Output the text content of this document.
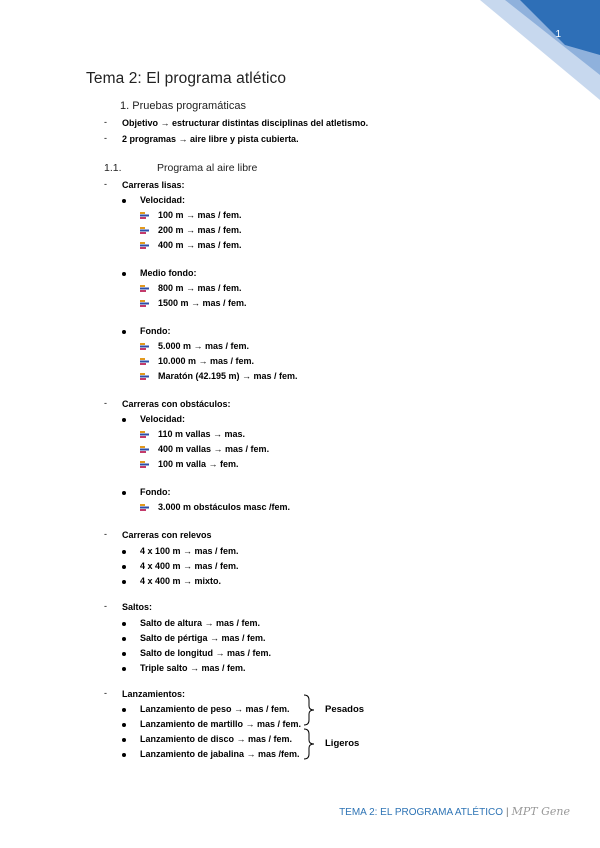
1
Tema 2: El programa atlético
1. Pruebas programáticas
- Objetivo → estructurar distintas disciplinas del atletismo.
- 2 programas → aire libre y pista cubierta.
1.1.	Programa al aire libre
- Carreras lisas:
Velocidad:
100 m → mas / fem.
200 m → mas / fem.
400 m → mas / fem.
Medio fondo:
800 m → mas / fem.
1500 m → mas / fem.
Fondo:
5.000 m → mas / fem.
10.000 m → mas / fem.
Maratón (42.195 m) → mas / fem.
- Carreras con obstáculos:
Velocidad:
110 m vallas → mas.
400 m vallas → mas / fem.
100 m valla → fem.
Fondo:
3.000 m obstáculos masc /fem.
- Carreras con relevos
4 x 100 m → mas / fem.
4 x 400 m → mas / fem.
4 x 400 m → mixto.
- Saltos:
Salto de altura → mas / fem.
Salto de pértiga → mas / fem.
Salto de longitud → mas / fem.
Triple salto → mas / fem.
- Lanzamientos:
Lanzamiento de peso → mas / fem.
Lanzamiento de martillo → mas / fem.
Lanzamiento de disco → mas / fem.
Lanzamiento de jabalina → mas /fem.
Pesados
Ligeros
TEMA 2: EL PROGRAMA ATLÉTICO | MPT Gene
